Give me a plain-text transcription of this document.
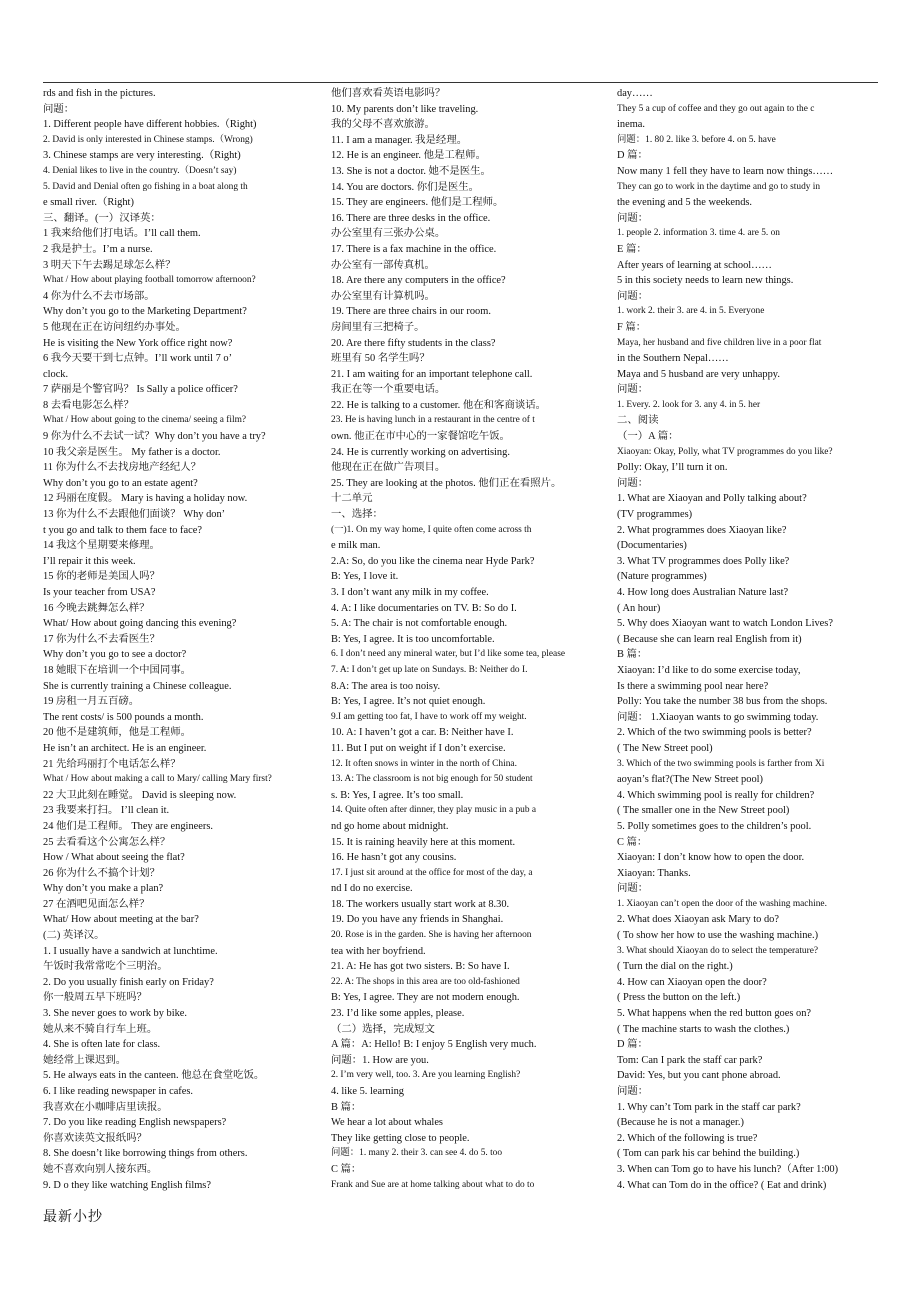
rds and fish in the pictures.
问题：
1. Different people have different hobbies.（Right)
2. David is only interested in Chinese stamps.（Wrong)
3. Chinese stamps are very interesting.（Right)
4. Denial likes to live in the country.（Doesn’t say)
5. David and Denial often go fishing in a boat along th
e small river.（Right)
三、翻译。(一）汉译英：
1 我来给他们打电话。I’ll call them.
2 我是护士。I’m a nurse.
3 明天下午去踢足球怎么样？
What / How about playing football tomorrow afternoon?
4 你为什么不去市场部。
Why don’t you go to the Marketing Department?
5 他现在正在访问纽约办事处。
He is visiting the New York office right now?
6 我今天要干到七点钟。I’ll work until 7 o’
clock.
7 萨丽是个警官吗？ Is Sally a police officer?
8 去看电影怎么样？
What / How about going to the cinema/ seeing a film?
9 你为什么不去试一试？Why don’t you have a try?
10 我父亲是医生。 My father is a doctor.
11 你为什么不去找房地产经纪人？
Why don’t you go to an estate agent?
12 玛丽在度假。 Mary is having a holiday now.
13 你为什么不去跟他们面谈？ Why don’
t you go and talk to them face to face?
14 我这个星期要来修理。
I’ll repair it this week.
15 你的老师是美国人吗？
Is your teacher from USA?
16 今晚去跳舞怎么样？
What/ How about going dancing this evening?
17 你为什么不去看医生？
Why don’t you go to see a doctor?
18 她眼下在培训一个中国同事。
She is currently training a Chinese colleague.
19 房租一月五百磅。
The rent costs/ is 500 pounds a month.
20 他不是建筑师，他是工程师。
He isn’t an architect. He is an engineer.
21 先给玛丽打个电话怎么样？
What / How about making a call to Mary/ calling Mary first?
22 大卫此刻在睡觉。 David is sleeping now.
23 我要来打扫。 I’ll clean it.
24 他们是工程师。 They are engineers.
25 去看看这个公寓怎么样？
How / What about seeing the flat?
26 你为什么不搞个计划？
Why don’t you make a plan?
27 在酒吧见面怎么样？
What/ How about meeting at the bar?
(二) 英译汉。
1. I usually have a sandwich at lunchtime.
午饭时我常常吃个三明治。
2. Do you usually finish early on Friday?
你一般周五早下班吗？
3. She never goes to work by bike.
她从来不骑自行车上班。
4. She is often late for class.
她经常上课迟到。
5. He always eats in the canteen. 他总在食堂吃饭。
6. I like reading newspaper in cafes.
我喜欢在小咖啡店里读报。
7. Do you like reading English newspapers?
你喜欢读英文报纸吗？
8. She doesn’t like borrowing things from others.
她不喜欢向别人接东西。
9. D o they like watching English films?
他们喜欢看英语电影吗？
10. My parents don’t like traveling.
我的父母不喜欢旅游。
11. I am a manager. 我是经理。
12. He is an engineer. 他是工程师。
13. She is not a doctor. 她不是医生。
14. You are doctors. 你们是医生。
15. They are engineers. 他们是工程师。
16. There are three desks in the office.
办公室里有三张办公桌。
17. There is a fax machine in the office.
办公室有一部传真机。
18. Are there any computers in the office?
办公室里有计算机吗。
19. There are three chairs in our room.
房间里有三把椅子。
20. Are there fifty students in the class?
班里有 50 名学生吗？
21. I am waiting for an important telephone call.
我正在等一个重要电话。
22. He is talking to a customer. 他在和客商谈话。
23. He is having lunch in a restaurant in the centre of t
own. 他正在市中心的一家餐馆吃午饭。
24. He is currently working on advertising.
他现在正在做广告项目。
25. They are looking at the photos. 他们正在看照片。
十二单元
一、选择：
(一)1. On my way home, I quite often come across th
e milk man.
2.A: So, do you like the cinema near Hyde Park?
B: Yes, I love it.
3. I don’t want any milk in my coffee.
4. A: I like documentaries on TV. B: So do I.
5. A: The chair is not comfortable enough.
B: Yes, I agree. It is too uncomfortable.
6. I don’t need any mineral water, but I’d like some tea, please
7. A: I don’t get up late on Sundays. B: Neither do I.
8.A: The area is too noisy.
B: Yes, I agree. It’s not quiet enough.
9.I am getting too fat, I have to work off my weight.
10. A: I haven’t got a car. B: Neither have I.
11. But I put on weight if I don’t exercise.
12. It often snows in winter in the north of China.
13. A: The classroom is not big enough for 50 student
s. B: Yes, I agree. It’s too small.
14. Quite often after dinner, they play music in a pub a
nd go home about midnight.
15. It is raining heavily here at this moment.
16. He hasn’t got any cousins.
17. I just sit around at the office for most of the day, a
nd I do no exercise.
18. The workers usually start work at 8.30.
19. Do you have any friends in Shanghai.
20. Rose is in the garden. She is having her afternoon
tea with her boyfriend.
21. A: He has got two sisters. B: So have I.
22. A: The shops in this area are too old-fashioned
B: Yes, I agree. They are not modern enough.
23. I’d like some apples, please.
（二）选择，完成短文
A 篇：A: Hello! B: I enjoy 5 English very much.
问题：1. How are you.
2. I’m very well, too. 3. Are you learning English?
4. like 5. learning
B 篇：
We hear a lot about whales
They like getting close to people.
问题：1. many 2. their 3. can see 4. do 5. too
C 篇：
Frank and Sue are at home talking about what to do to
day……
They 5 a cup of coffee and they go out again to the c
inema.
问题：1. 80 2. like 3. before 4. on 5. have
D 篇：
Now many 1 fell they have to learn now things……
They can go to work in the daytime and go to study in
the evening and 5 the weekends.
问题：
1. people 2. information 3. time 4. are 5. on
E 篇：
After years of learning at school……
5 in this society needs to learn new things.
问题：
1. work 2. their 3. are 4. in 5. Everyone
F 篇：
Maya, her husband and five children live in a poor flat
in the Southern Nepal……
Maya and 5 husband are very unhappy.
问题：
1. Every. 2. look for 3. any 4. in 5. her
二、阅读
（一）A 篇：
Xiaoyan: Okay, Polly, what TV programmes do you like?
Polly: Okay, I’ll turn it on.
问题：
1. What are Xiaoyan and Polly talking about?
(TV programmes)
2. What programmes does Xiaoyan like?
(Documentaries)
3. What TV programmes does Polly like?
(Nature programmes)
4. How long does Australian Nature last?
( An hour)
5. Why does Xiaoyan want to watch London Lives?
( Because she can learn real English from it)
B 篇：
Xiaoyan: I’d like to do some exercise today,
Is there a swimming pool near here?
Polly: You take the number 38 bus from the shops.
问题： 1.Xiaoyan wants to go swimming today.
2. Which of the two swimming pools is better?
( The New Street pool)
3. Which of the two swimming pools is farther from Xi
aoyan’s flat?(The New Street pool)
4. Which swimming pool is really for children?
( The smaller one in the New Street pool)
5. Polly sometimes goes to the children’s pool.
C 篇：
Xiaoyan: I don’t know how to open the door.
Xiaoyan: Thanks.
问题：
1. Xiaoyan can’t open the door of the washing machine.
2. What does Xiaoyan ask Mary to do?
( To show her how to use the washing machine.)
3. What should Xiaoyan do to select the temperature?
( Turn the dial on the right.)
4. How can Xiaoyan open the door?
( Press the button on the left.)
5. What happens when the red button goes on?
( The machine starts to wash the clothes.)
D 篇：
Tom: Can I park the staff car park?
David: Yes, but you cant phone abroad.
问题：
1. Why can’t Tom park in the staff car park?
(Because he is not a manager.)
2. Which of the following is true?
( Tom can park his car behind the building.)
3. When can Tom go to have his lunch?（After 1:00)
4. What can Tom do in the office? ( Eat and drink)
最新小抄
